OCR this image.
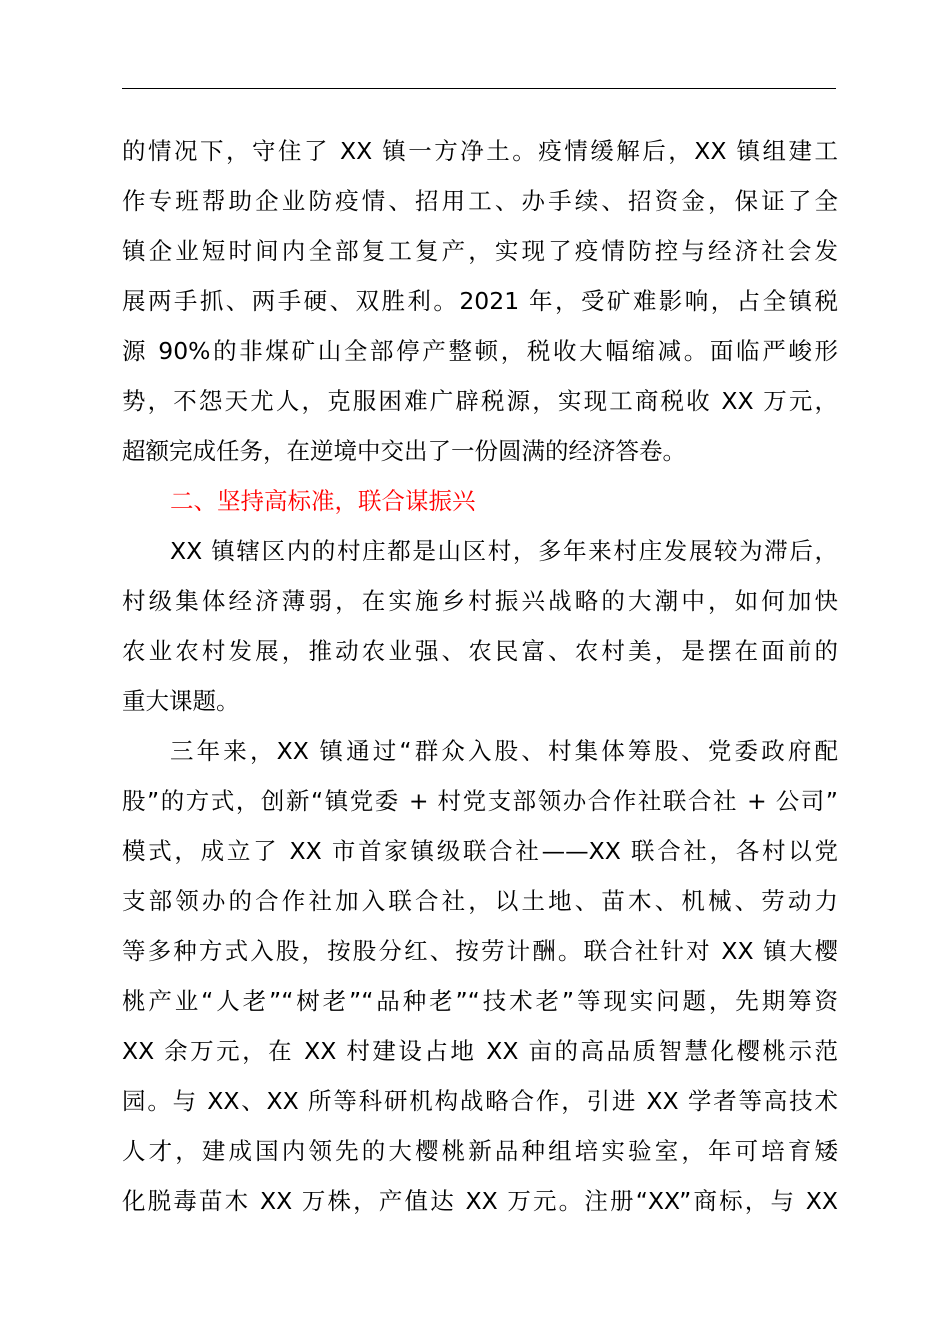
的情况下，守住了 XX 镇一方净土。疫情缓解后，XX 镇组建工
作专班帮助企业防疫情、招用工、办手续、招资金，保证了全
镇企业短时间内全部复工复产，实现了疫情防控与经济社会发
展两手抓、两手硬、双胜利。2021 年，受矿难影响，占全镇税
源 90%的非煤矿山全部停产整顿，税收大幅缩减。面临严峻形
势，不怨天尤人，克服困难广辟税源，实现工商税收 XX 万元，
超额完成任务，在逆境中交出了一份圆满的经济答卷。
二、坚持高标准，联合谋振兴
XX 镇辖区内的村庄都是山区村，多年来村庄发展较为滞后，
村级集体经济薄弱，在实施乡村振兴战略的大潮中，如何加快
农业农村发展，推动农业强、农民富、农村美，是摆在面前的
重大课题。
三年来，XX 镇通过“群众入股、村集体筹股、党委政府配
股”的方式，创新“镇党委 + 村党支部领办合作社联合社 + 公司”
模式，成立了 XX 市首家镇级联合社——XX 联合社，各村以党
支部领办的合作社加入联合社，以土地、苗木、机械、劳动力
等多种方式入股，按股分红、按劳计酬。联合社针对 XX 镇大樱
桃产业“人老”“树老”“品种老”“技术老”等现实问题，先期筹资
XX 余万元，在 XX 村建设占地 XX 亩的高品质智慧化樱桃示范
园。与 XX、XX 所等科研机构战略合作，引进 XX 学者等高技术
人才，建成国内领先的大樱桃新品种组培实验室，年可培育矮
化脱毒苗木 XX 万株，产值达 XX 万元。注册“XX”商标，与 XX
